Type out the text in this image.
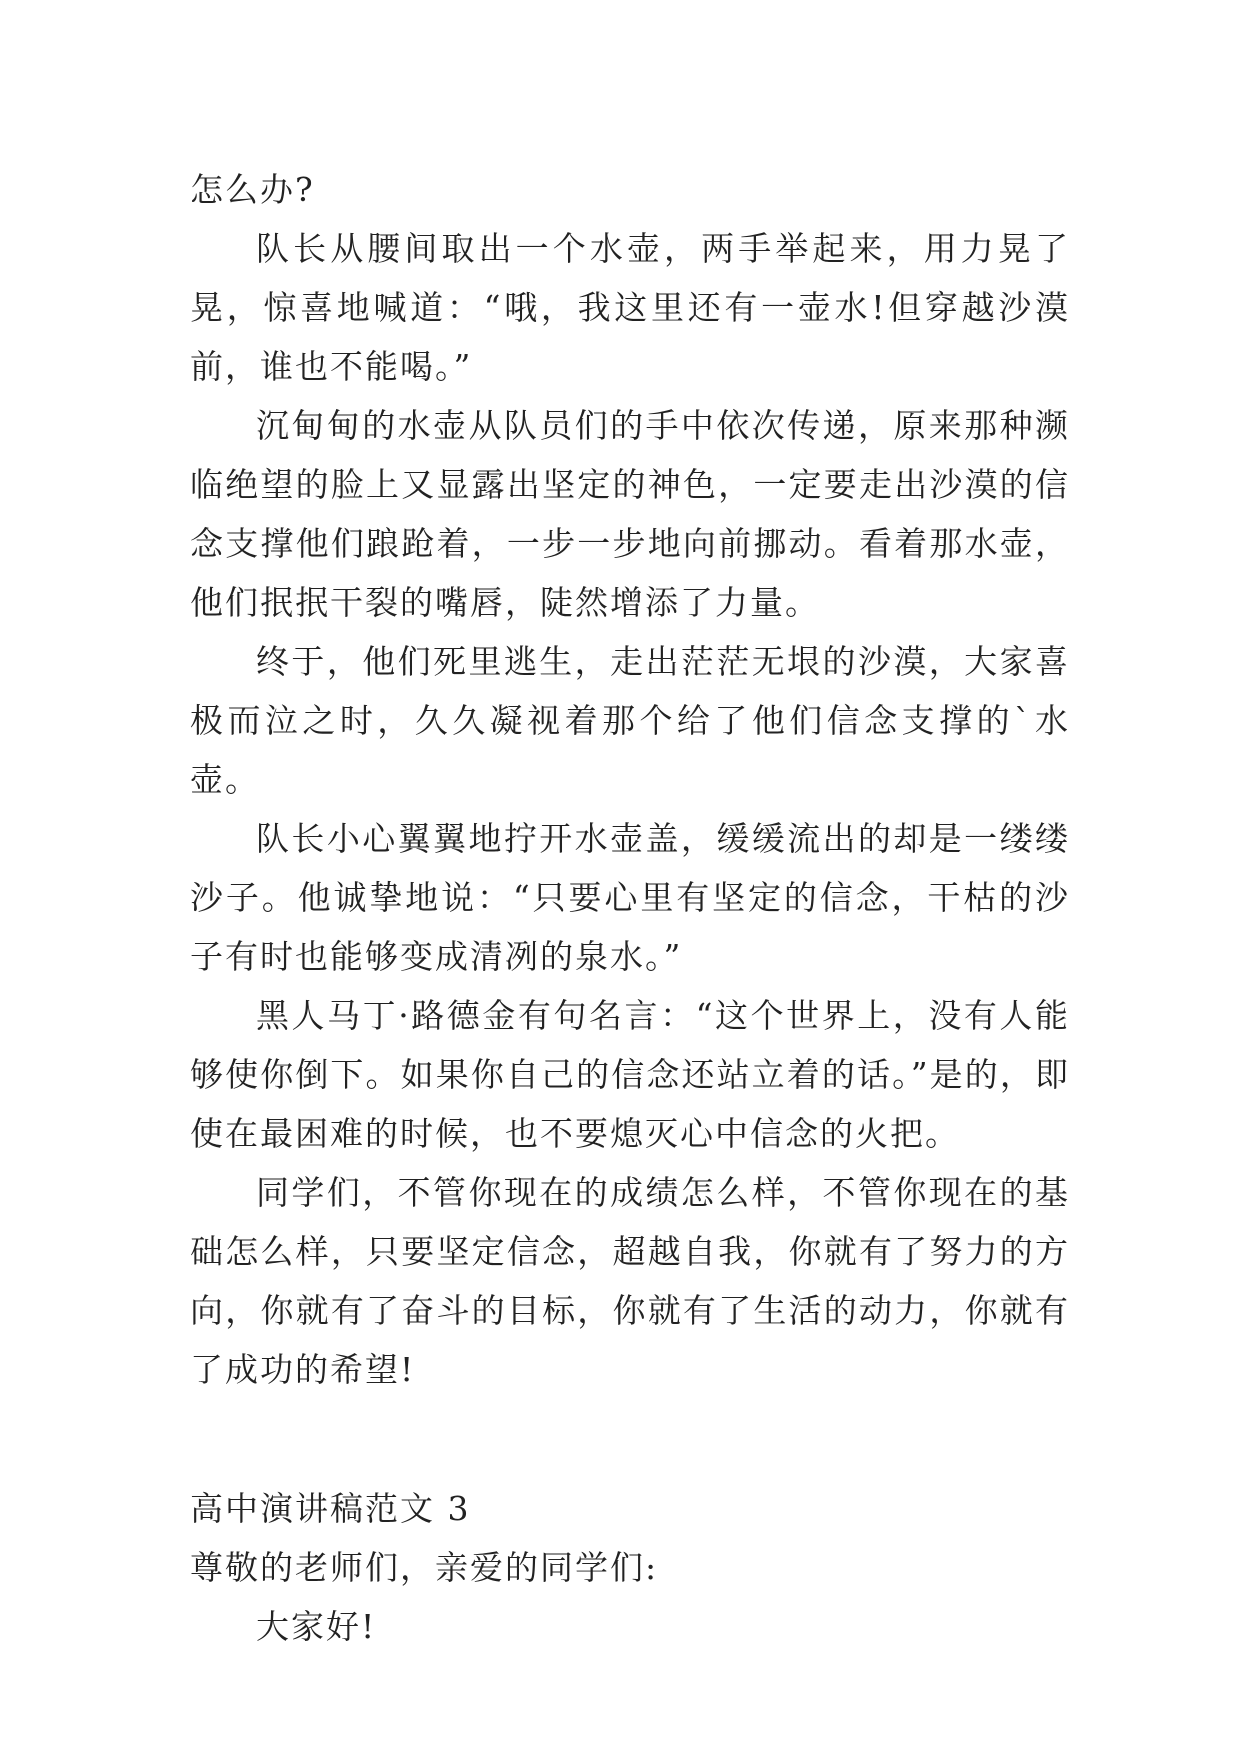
怎么办?

队长从腰间取出一个水壶，两手举起来，用力晃了晃，惊喜地喊道：“哦，我这里还有一壶水!但穿越沙漠前，谁也不能喝。”

沉甸甸的水壶从队员们的手中依次传递，原来那种濒临绝望的脸上又显露出坚定的神色，一定要走出沙漠的信念支撑他们踉跄着，一步一步地向前挪动。看着那水壶，他们抿抿干裂的嘴唇，陡然增添了力量。

终于，他们死里逃生，走出茫茫无垠的沙漠，大家喜极而泣之时，久久凝视着那个给了他们信念支撑的`水壶。

队长小心翼翼地拧开水壶盖，缓缓流出的却是一缕缕沙子。他诚挚地说：“只要心里有坚定的信念，干枯的沙子有时也能够变成清冽的泉水。”

黑人马丁·路德金有句名言：“这个世界上，没有人能够使你倒下。如果你自己的信念还站立着的话。”是的，即使在最困难的时候，也不要熄灭心中信念的火把。

同学们，不管你现在的成绩怎么样，不管你现在的基础怎么样，只要坚定信念，超越自我，你就有了努力的方向，你就有了奋斗的目标，你就有了生活的动力，你就有了成功的希望!

高中演讲稿范文 3

尊敬的老师们，亲爱的同学们:

大家好!
